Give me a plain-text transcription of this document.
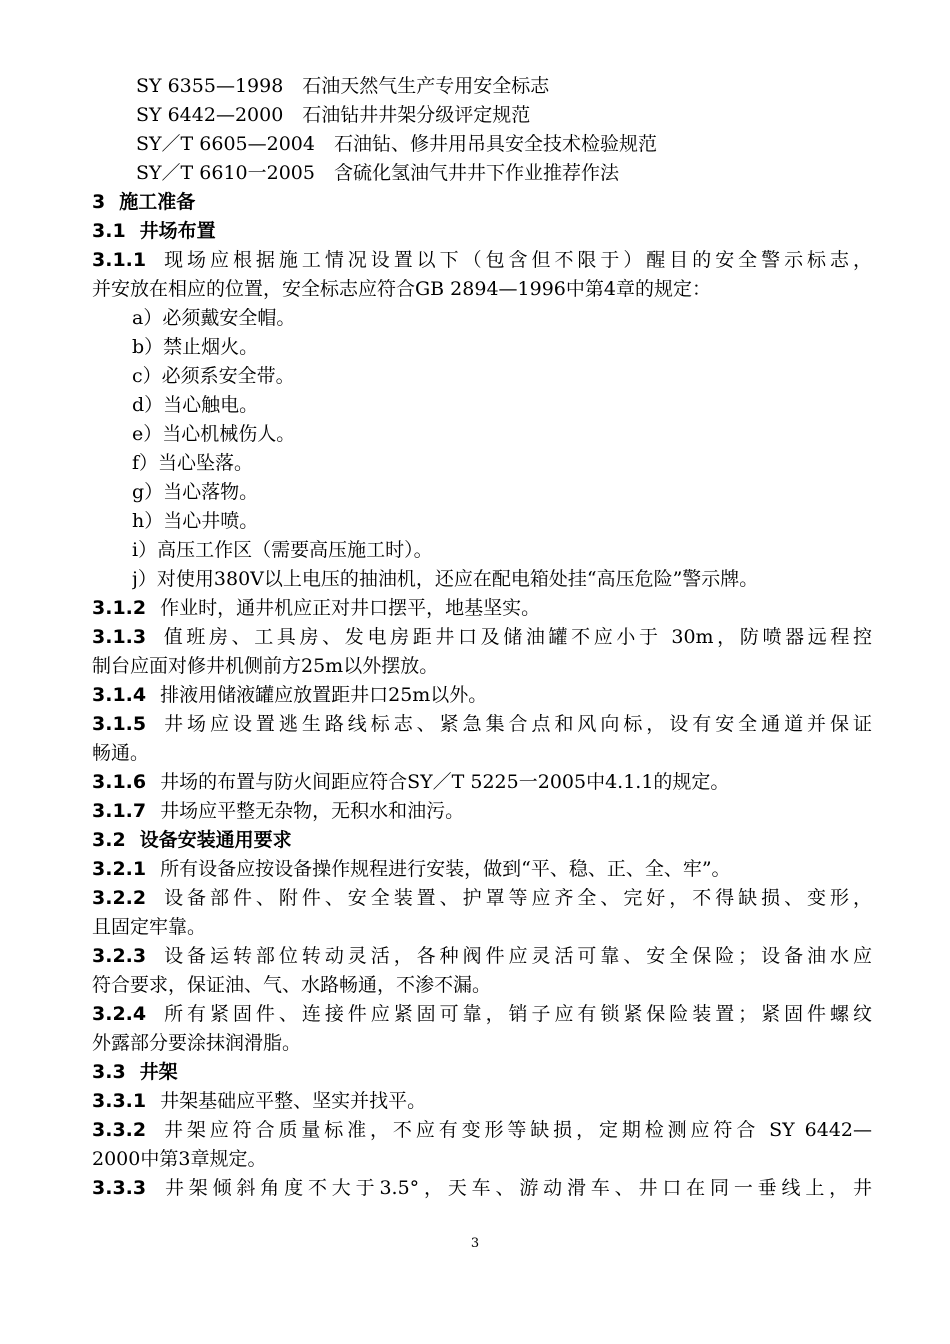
SY 6355—1998　石油天然气生产专用安全标志
SY 6442—2000　石油钻井井架分级评定规范
SY／T 6605—2004　石油钻、修井用吊具安全技术检验规范
SY／T 6610一2005　含硫化氢油气井井下作业推荐作法
3 施工准备
3.1 井场布置
3.1.1 现场应根据施工情况设置以下（包含但不限于）醒目的安全警示标志，
并安放在相应的位置，安全标志应符合GB 2894—1996中第4章的规定：
a）必须戴安全帽。
b）禁止烟火。
c）必须系安全带。
d）当心触电。
e）当心机械伤人。
f）当心坠落。
g）当心落物。
h）当心井喷。
i）高压工作区（需要高压施工时）。
j）对使用380V以上电压的抽油机，还应在配电箱处挂“高压危险”警示牌。
3.1.2 作业时，通井机应正对井口摆平，地基坚实。
3.1.3 值班房、工具房、发电房距井口及储油罐不应小于 30m，防喷器远程控
制台应面对修井机侧前方25m以外摆放。
3.1.4 排液用储液罐应放置距井口25m以外。
3.1.5 井场应设置逃生路线标志、紧急集合点和风向标，设有安全通道并保证
畅通。
3.1.6 井场的布置与防火间距应符合SY／T 5225一2005中4.1.1的规定。
3.1.7 井场应平整无杂物，无积水和油污。
3.2 设备安装通用要求
3.2.1 所有设备应按设备操作规程进行安装，做到“平、稳、正、全、牢”。
3.2.2 设备部件、附件、安全装置、护罩等应齐全、完好，不得缺损、变形，
且固定牢靠。
3.2.3 设备运转部位转动灵活，各种阀件应灵活可靠、安全保险；设备油水应
符合要求，保证油、气、水路畅通，不渗不漏。
3.2.4 所有紧固件、连接件应紧固可靠，销子应有锁紧保险装置；紧固件螺纹
外露部分要涂抹润滑脂。
3.3 井架
3.3.1 井架基础应平整、坚实并找平。
3.3.2 井架应符合质量标准，不应有变形等缺损，定期检测应符合 SY 6442—
2000中第3章规定。
3.3.3 井架倾斜角度不大于3.5°，天车、游动滑车、井口在同一垂线上，井
3
